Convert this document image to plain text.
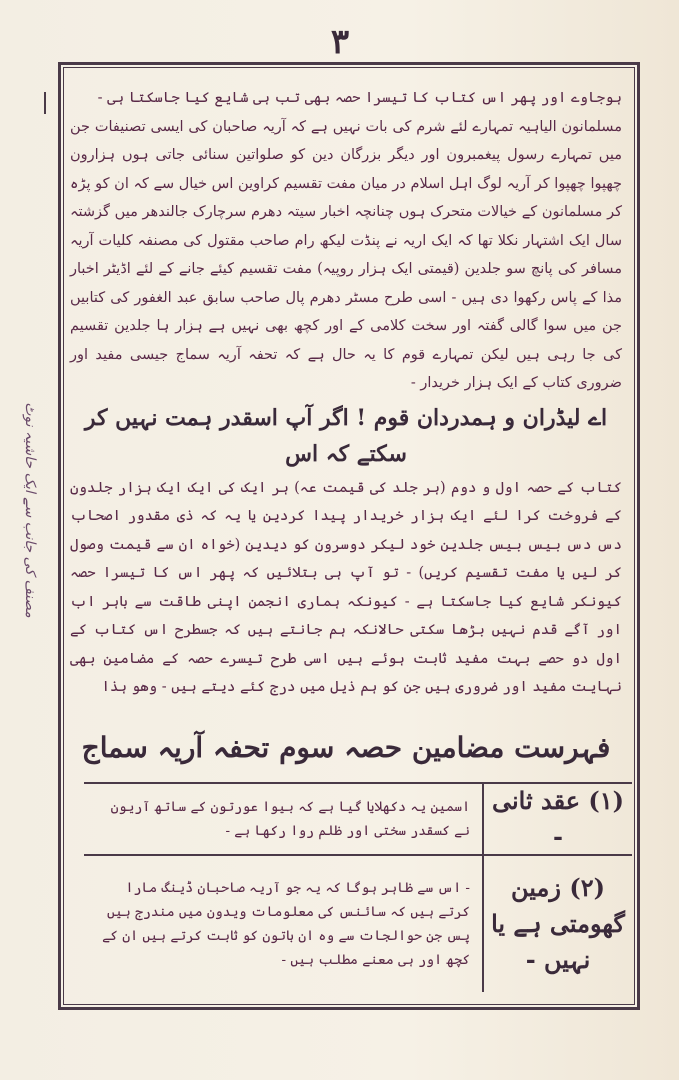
۳
مصنف کی جانب سے ایک حاشیہ نوٹ

ہوجاوے اور پھر اس کتاب کا تیسرا حصہ بھی تب ہی شایع کیا جاسکتا ہی -

مسلمانون الیاہیہ تمہارے لئے شرم کی بات نہیں ہے کہ آریہ صاحبان کی ایسی تصنیفات جن میں تمہارے رسول پیغمبرون اور دیگر بزرگان دین کو صلواتین سنائی جاتی ہوں ہزارون چھپوا چھپوا کر آریہ لوگ اہل اسلام در میان مفت تقسیم کراوین اس خیال سے کہ ان کو پڑہ کر مسلمانون کے خیالات متحرک ہوں چنانچہ اخبار سیتہ دھرم سرچارک جالندھر میں گزشتہ سال ایک اشتہار نکلا تھا کہ ایک اریہ نے پنڈت لیکھ رام صاحب مقتول کی مصنفہ کلیات آریہ مسافر کی پانچ سو جلدین (قیمتی ایک ہزار روپیہ) مفت تقسیم کیئے جانے کے لئے اڈیٹر اخبار مذا کے پاس رکھوا دی ہیں - اسی طرح مسٹر دھرم پال صاحب سابق عبد الغفور کی کتابیں جن میں سوا گالی گفتہ اور سخت کلامی کے اور کچھ بھی نہیں ہے ہزار ہا جلدین تقسیم کی جا رہی ہیں لیکن تمہارے قوم کا یہ حال ہے کہ تحفہ آریہ سماج جیسی مفید اور ضروری کتاب کے ایک ہزار خریدار -

اے لیڈران و ہمدردان قوم ! اگر آپ اسقدر ہمت نہیں کر سکتے کہ اس

کتاب کے حصہ اول و دوم (ہر جلد کی قیمت عہ) ہر ایک کی ایک ایک ہزار جلدون کے فروخت کرا لئے ایک ہزار خریدار پیدا کردین یا یہ کہ ذی مقدور اصحاب دس دس بیس بیس جلدین خود لیکر دوسرون کو دیدین (خواہ ان سے قیمت وصول کر لیں یا مفت تقسیم کریں) - تو آپ ہی بتلائیں کہ پھر اس کا تیسرا حصہ کیونکر شایع کیا جاسکتا ہے - کیونکہ ہماری انجمن اپنی طاقت سے باہر اب اور آگے قدم نہیں بڑھا سکتی حالانکہ ہم جانتے ہیں کہ جسطرح اس کتاب کے اول دو حصے بہت مفید ثابت ہوئے ہیں اسی طرح تیسرے حصہ کے مضامین بھی نہایت مفید اور ضروری ہیں جن کو ہم ذیل میں درج کئے دیتے ہیں - وھو ہذا

فہرست مضامین حصہ سوم تحفہ آریہ سماج
(۱) عقد ثانی -
اسمین یہ دکھلایا گیا ہے کہ بیوا عورتون کے ساتھ آریون نے کسقدر سختی اور ظلم روا رکھا ہے -
(۲) زمین گھومتی ہے یا نہیں -
- اس سے ظاہر ہوگا کہ یہ جو آریہ صاحبان ڈینگ مارا کرتے ہیں کہ سائنس کی معلومات ویدون میں مندرج ہیں پس جن حوالجات سے وہ ان باتون کو ثابت کرتے ہیں ان کے کچھ اور ہی معنے مطلب ہیں -
